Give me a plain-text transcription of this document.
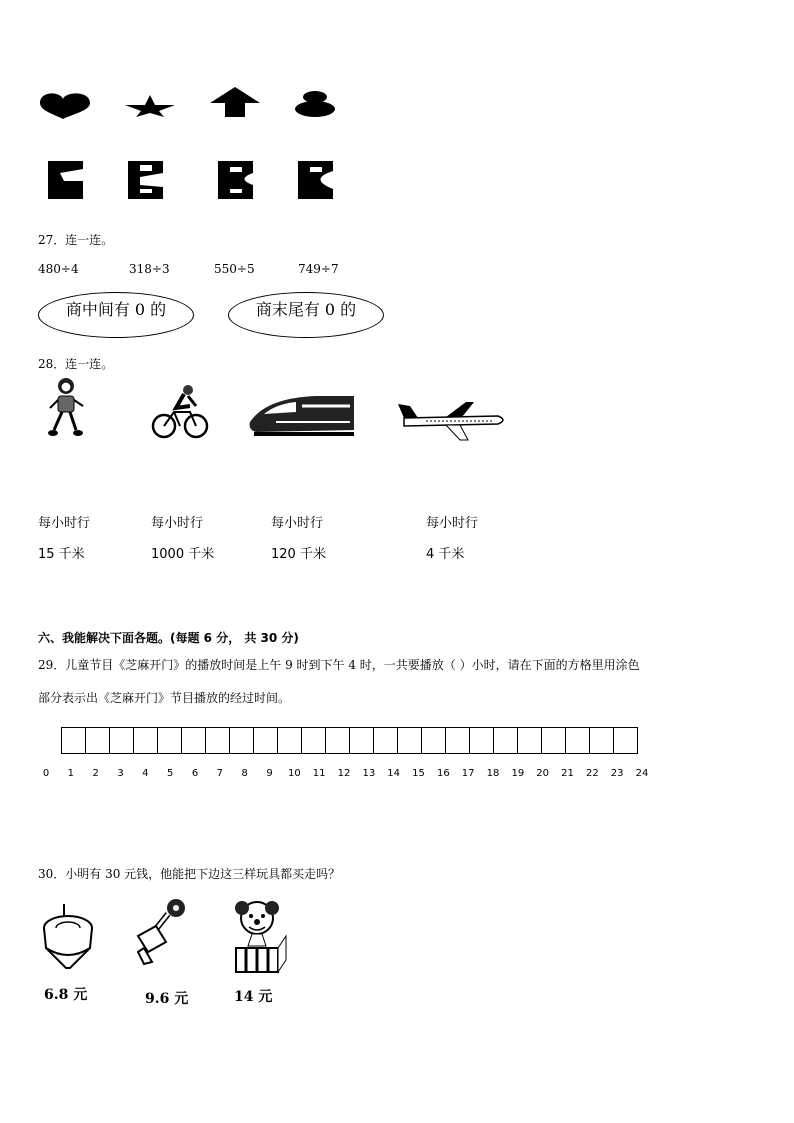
27．连一连。
480÷4	318÷3	550÷5	749÷7
商中间有 0 的	商末尾有 0 的
28．连一连。
每小时行	每小时行	每小时行	每小时行
15 千米	1000 千米	120 千米	4 千米
六、我能解决下面各题。(每题 6 分， 共 30 分)
29．儿童节目《芝麻开门》的播放时间是上午 9 时到下午 4 时，一共要播放（ ）小时，请在下面的方格里用涂色
部分表示出《芝麻开门》节目播放的经过时间。
0 1 2 3 4 5 6 7 8 9 10 11 12 13 14 15 16 17 18 19 20 21 22 23 24
30．小明有 30 元钱，他能把下边这三样玩具都买走吗？
6.8 元	9.6 元	14 元
